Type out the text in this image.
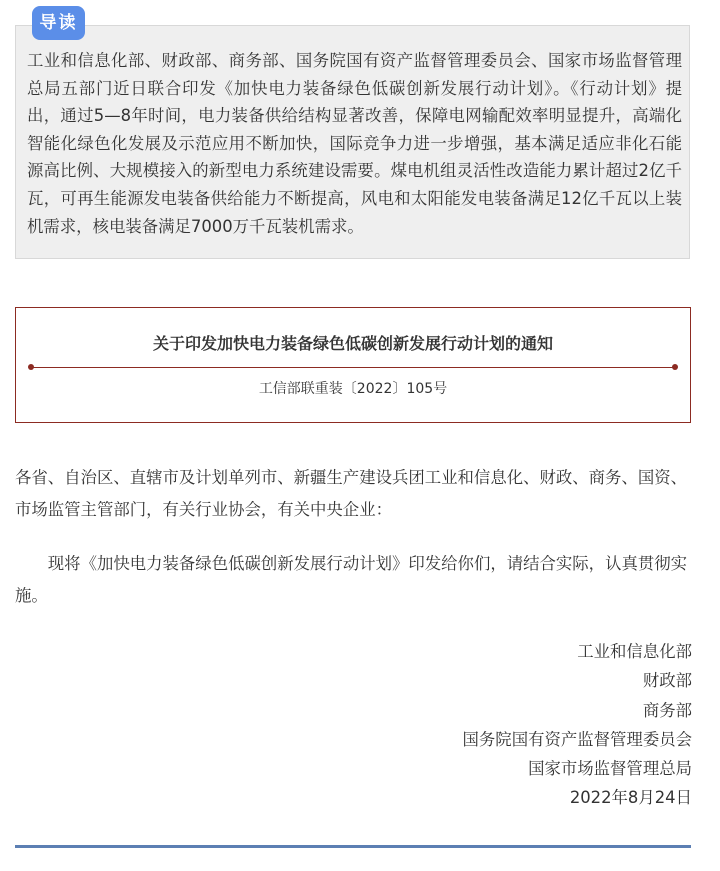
导读

工业和信息化部、财政部、商务部、国务院国有资产监督管理委员会、国家市场监督管理总局五部门近日联合印发《加快电力装备绿色低碳创新发展行动计划》。《行动计划》提出，通过5—8年时间，电力装备供给结构显著改善，保障电网输配效率明显提升，高端化智能化绿色化发展及示范应用不断加快，国际竞争力进一步增强，基本满足适应非化石能源高比例、大规模接入的新型电力系统建设需要。煤电机组灵活性改造能力累计超过2亿千瓦，可再生能源发电装备供给能力不断提高，风电和太阳能发电装备满足12亿千瓦以上装机需求，核电装备满足7000万千瓦装机需求。

关于印发加快电力装备绿色低碳创新发展行动计划的通知
工信部联重装〔2022〕105号

各省、自治区、直辖市及计划单列市、新疆生产建设兵团工业和信息化、财政、商务、国资、市场监管主管部门，有关行业协会，有关中央企业：

现将《加快电力装备绿色低碳创新发展行动计划》印发给你们，请结合实际，认真贯彻实施。

工业和信息化部
财政部
商务部
国务院国有资产监督管理委员会
国家市场监督管理总局
2022年8月24日
